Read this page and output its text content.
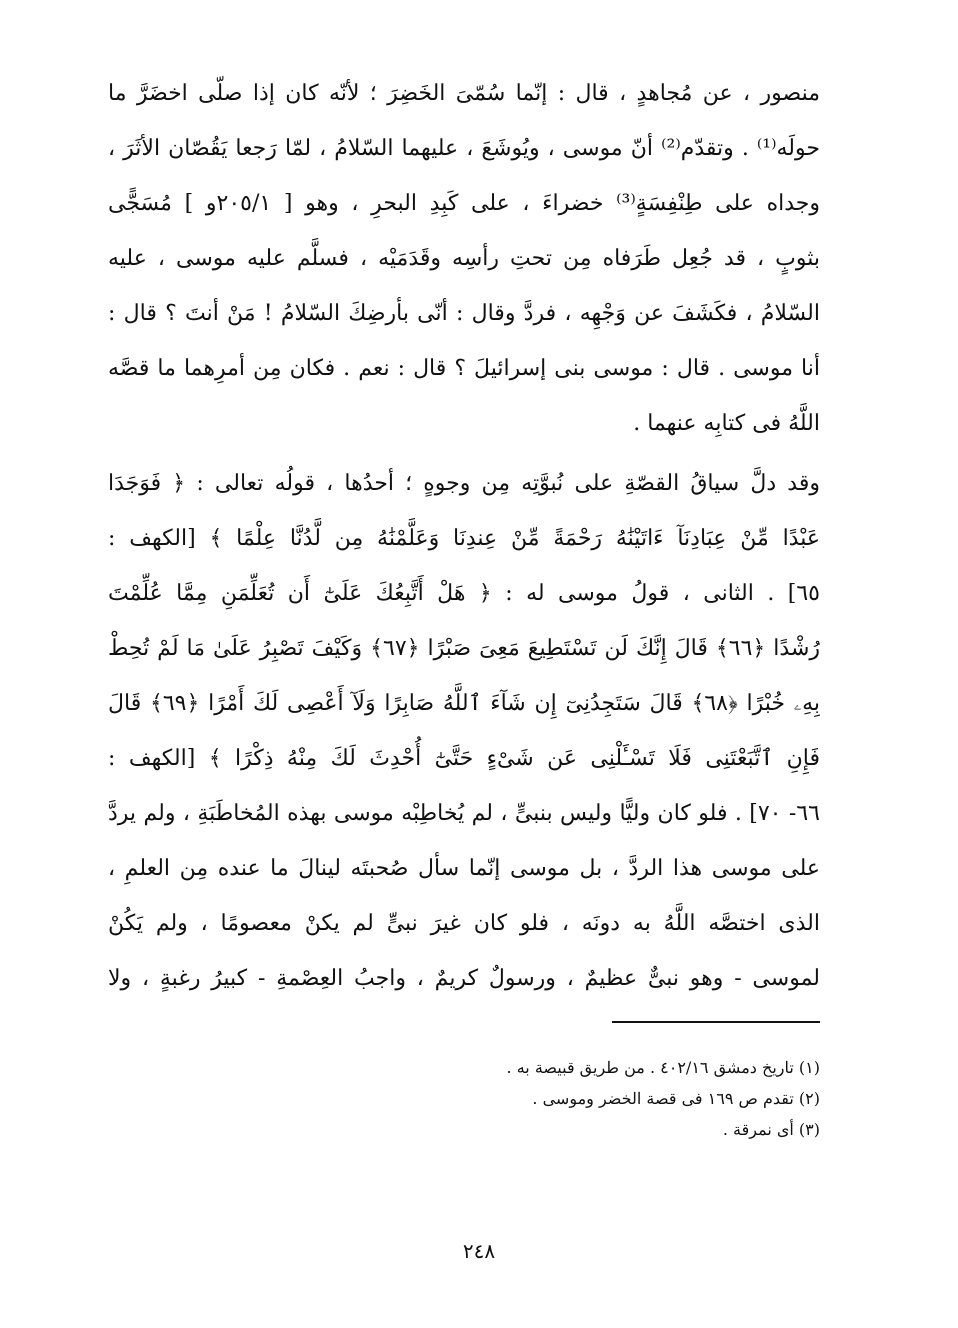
منصور ، عن مُجاهدٍ ، قال : إنّما سُمّىَ الخَضِرَ ؛ لأنّه كان إذا صلّى اخضَرَّ ما
حولَه⁽¹⁾ . وتقدّم⁽²⁾ أنّ موسى ، ويُوشَعَ ، عليهما السّلامُ ، لمّا رَجعا يَقُصّان الأثَرَ ،
وجداه على طِنْفِسَةٍ⁽³⁾ خضراءَ ، على كَبِدِ البحرِ ، وهو [ ٢٠٥/١و ] مُسَجًّى
بثوبٍ ، قد جُعِل طَرَفاه مِن تحتِ رأسِه وقَدَمَيْه ، فسلَّم عليه موسى ، عليه
السّلامُ ، فكَشَفَ عن وَجْهِه ، فردَّ وقال : أنّى بأرضِكَ السّلامُ ! مَنْ أنتَ ؟ قال :
أنا موسى . قال : موسى بنى إسرائيلَ ؟ قال : نعم . فكان مِن أمرِهما ما قصَّه
اللَّهُ فى كتابِه عنهما .
وقد دلَّ سياقُ القصّةِ على نُبوَّتِه مِن وجوهٍ ؛ أحدُها ، قولُه تعالى : ﴿ فَوَجَدَا
عَبْدًا مِّنْ عِبَادِنَآ ءَاتَيْنَٰهُ رَحْمَةً مِّنْ عِندِنَا وَعَلَّمْنَٰهُ مِن لَّدُنَّا عِلْمًا ﴾ [الكهف :
٦٥] . الثانى ، قولُ موسى له : ﴿ هَلْ أَتَّبِعُكَ عَلَىٰٓ أَن تُعَلِّمَنِ مِمَّا عُلِّمْتَ
رُشْدًا ﴿٦٦﴾ قَالَ إِنَّكَ لَن تَسْتَطِيعَ مَعِىَ صَبْرًا ﴿٦٧﴾ وَكَيْفَ تَصْبِرُ عَلَىٰ مَا لَمْ تُحِطْ
بِهِۦ خُبْرًا ﴿٦٨﴾ قَالَ سَتَجِدُنِىٓ إِن شَآءَ ٱللَّهُ صَابِرًا وَلَآ أَعْصِى لَكَ أَمْرًا ﴿٦٩﴾ قَالَ
فَإِنِ ٱتَّبَعْتَنِى فَلَا تَسْـَٔلْنِى عَن شَىْءٍ حَتَّىٰٓ أُحْدِثَ لَكَ مِنْهُ ذِكْرًا ﴾ [الكهف :
٦٦- ٧٠] . فلو كان وليًّا وليس بنبىٍّ ، لم يُخاطِبْه موسى بهذه المُخاطَبَةِ ، ولم يردَّ
على موسى هذا الردَّ ، بل موسى إنّما سأل صُحبتَه لينالَ ما عنده مِن العلمِ ،
الذى اختصَّه اللَّهُ به دونَه ، فلو كان غيرَ نبىٍّ لم يكنْ معصومًا ، ولم يَكُنْ
لموسى - وهو نبىٌّ عظيمٌ ، ورسولٌ كريمٌ ، واجبُ العِصْمةِ - كبيرُ رغبةٍ ، ولا
(١) تاريخ دمشق ٤٠٢/١٦ . من طريق قبيصة به .
(٢) تقدم ص ١٦٩ فى قصة الخضر وموسى .
(٣) أى نمرقة .
٢٤٨
